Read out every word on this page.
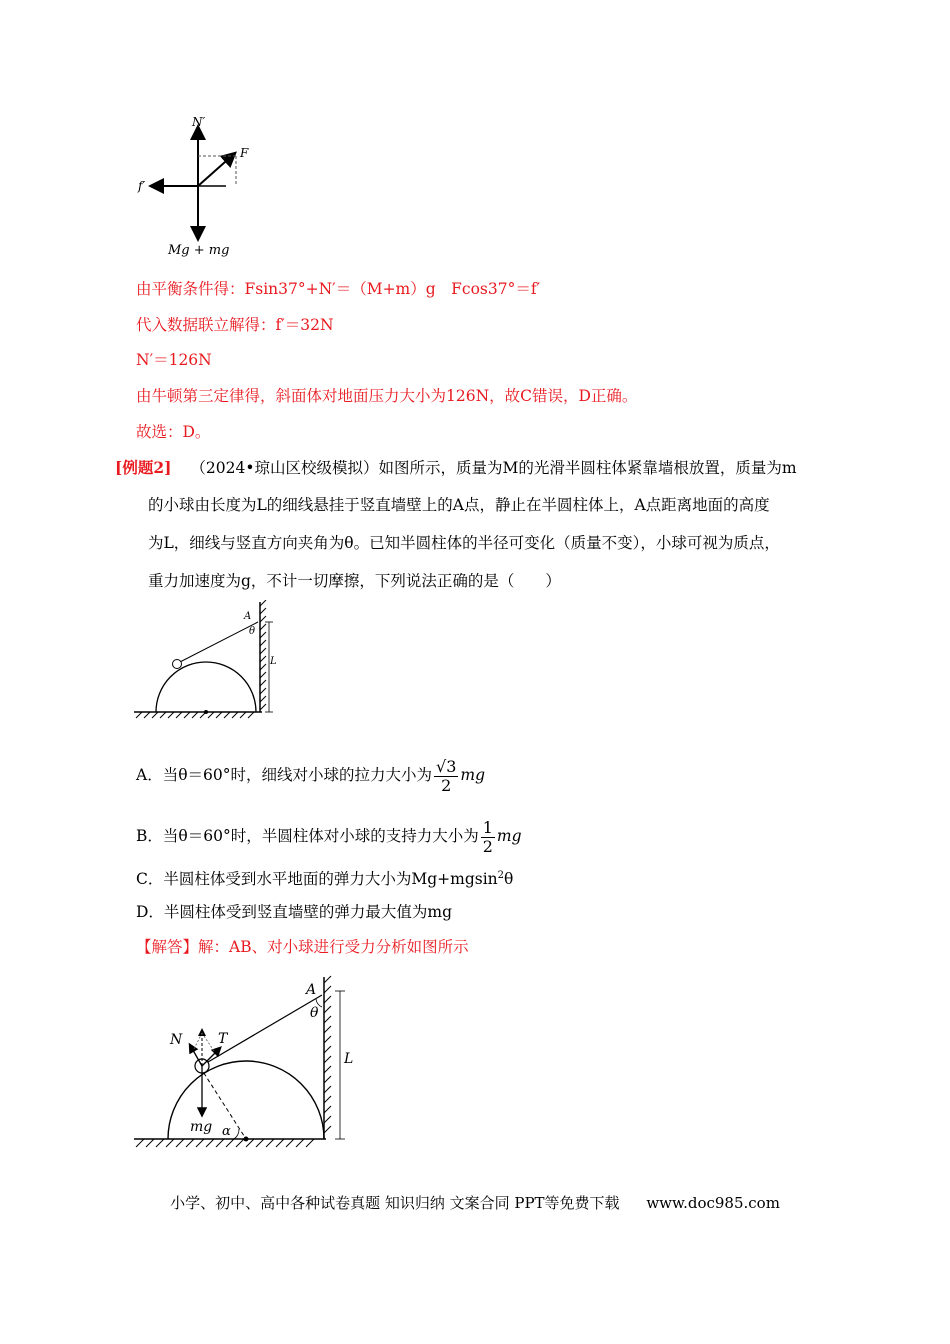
N′
F
f′
Mg + mg
由平衡条件得：Fsin37°+N′＝（M+m）g　Fcos37°＝f′
代入数据联立解得：f′＝32N
N′＝126N
由牛顿第三定律得，斜面体对地面压力大小为126N，故C错误，D正确。
故选：D。
[例题2] （2024•琼山区校级模拟）如图所示，质量为M的光滑半圆柱体紧靠墙根放置，质量为m
的小球由长度为L的细线悬挂于竖直墙壁上的A点，静止在半圆柱体上，A点距离地面的高度
为L，细线与竖直方向夹角为θ。已知半圆柱体的半径可变化（质量不变），小球可视为质点，
重力加速度为g，不计一切摩擦，下列说法正确的是（　　）
A
θ
L
A．当θ＝60°时，细线对小球的拉力大小为 $\frac{√3}{2}$ mg
B．当θ＝60°时，半圆柱体对小球的支持力大小为 $\frac{1}{2}$ mg
C．半圆柱体受到水平地面的弹力大小为Mg+mgsin$^2$θ
D．半圆柱体受到竖直墙壁的弹力最大值为mg
【解答】解：AB、对小球进行受力分析如图所示
A
θ
L
N	T
mg α
小学、初中、高中各种试卷真题 知识归纳 文案合同 PPT等免费下载 www.doc985.com
